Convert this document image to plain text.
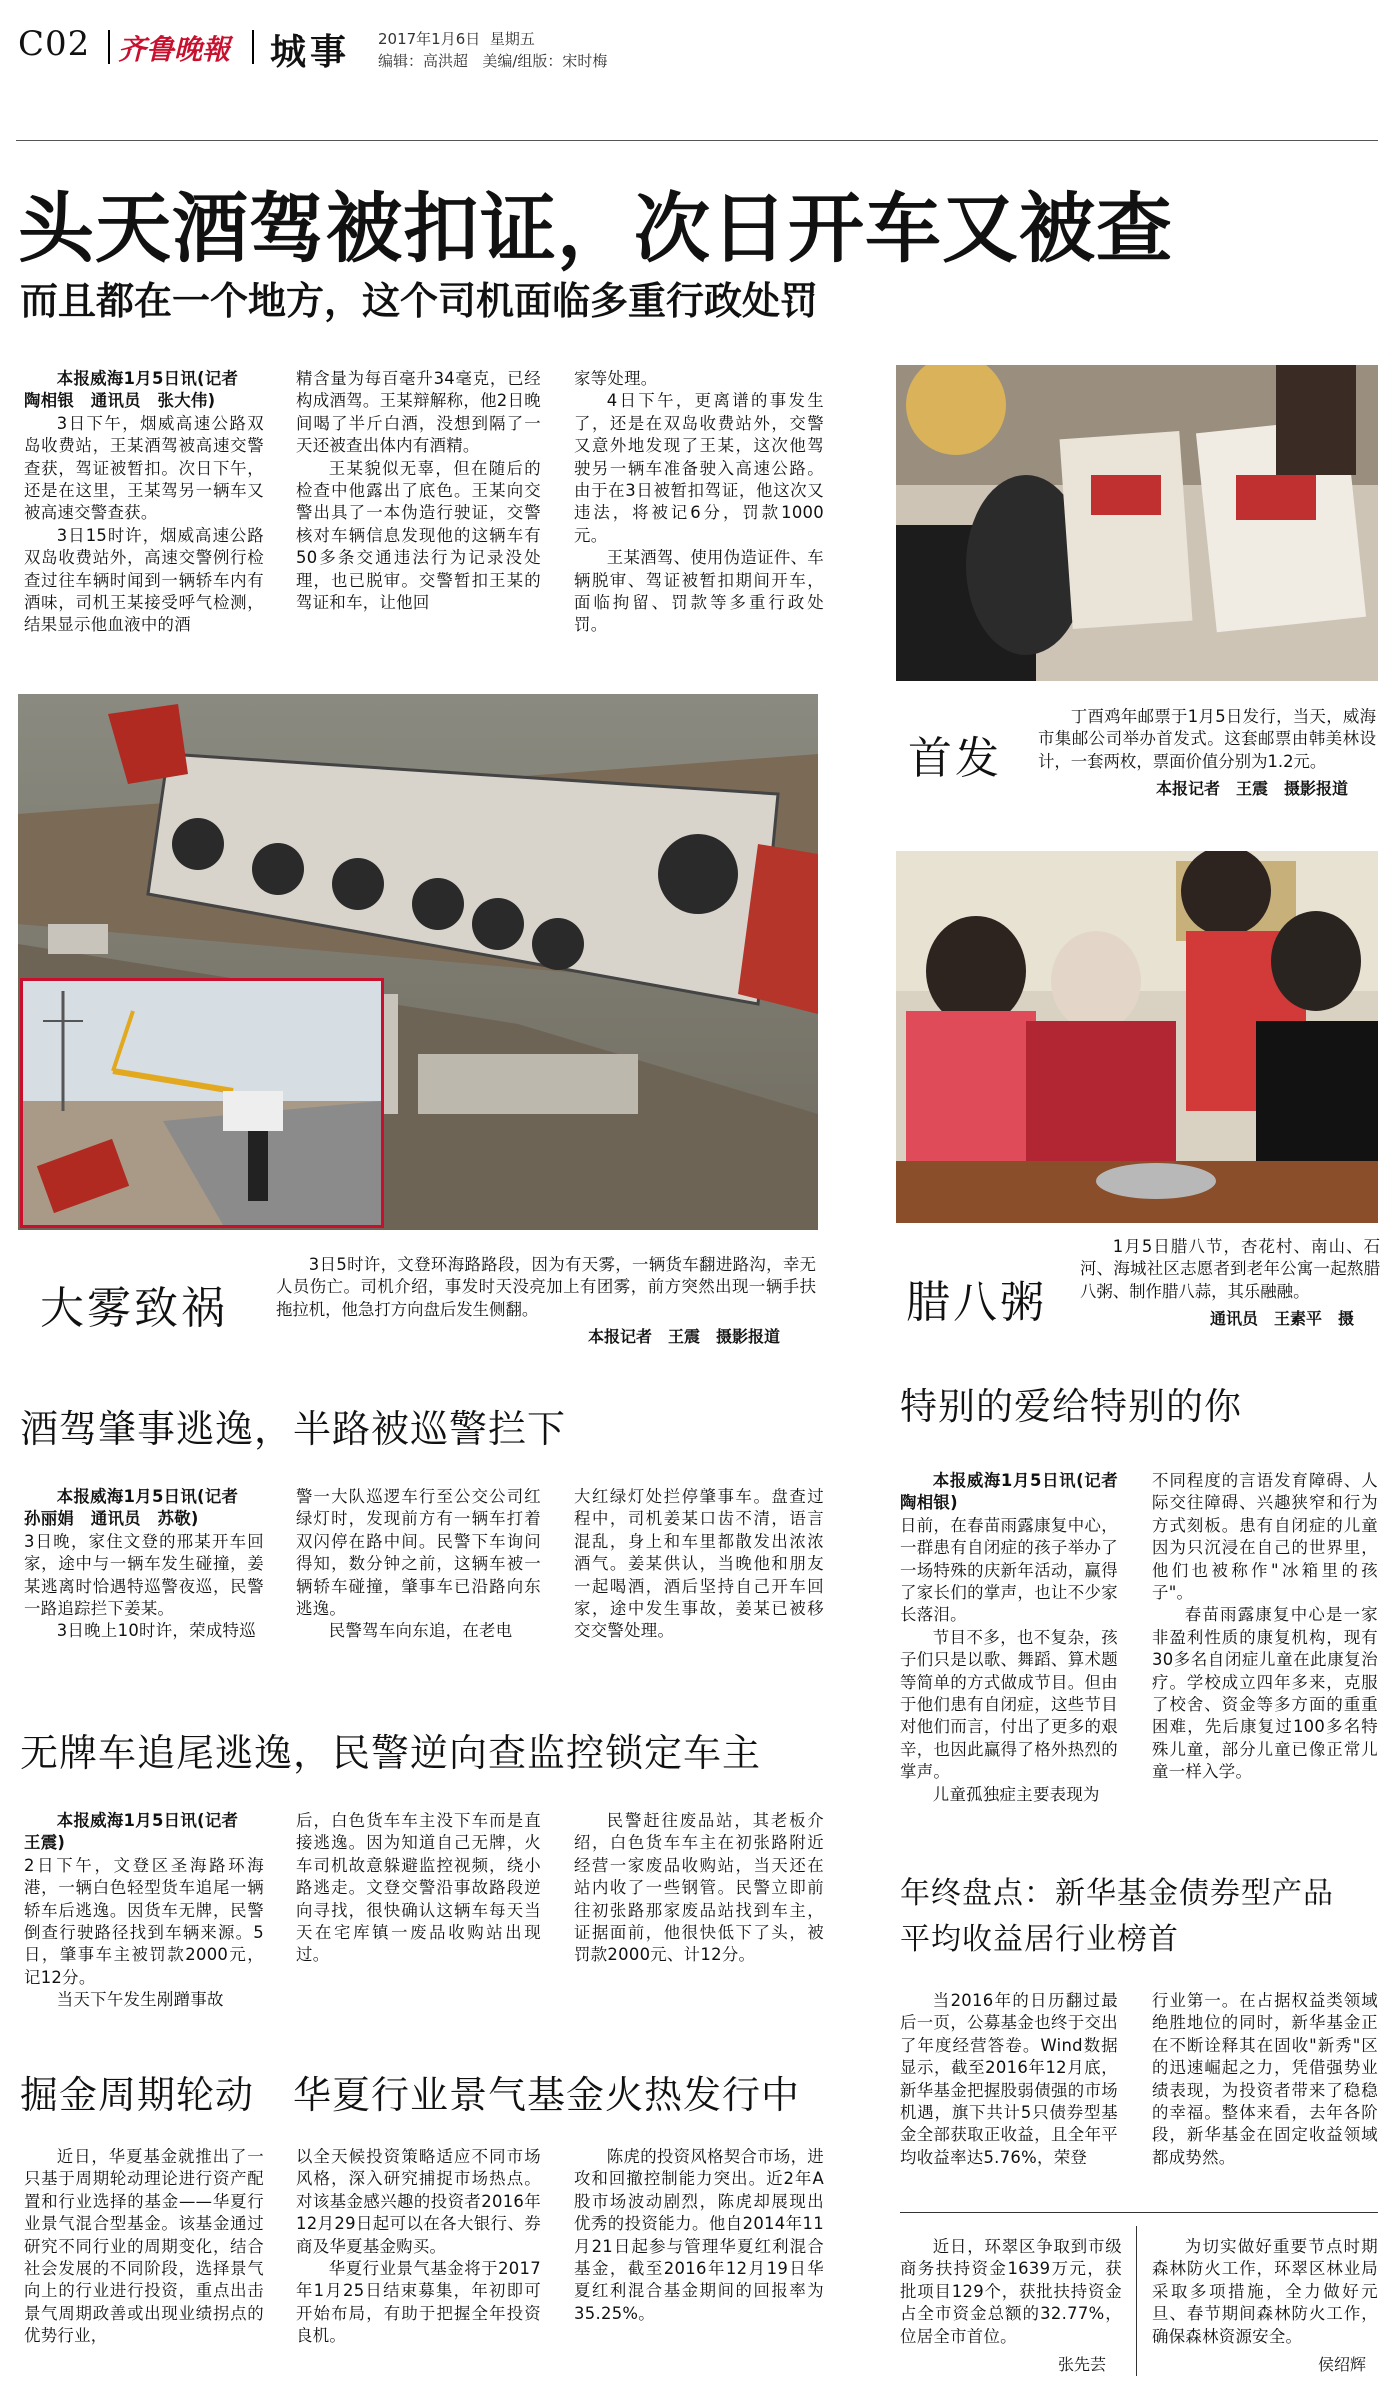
C02 齐鲁晚報 城事 2017年1月6日 星期五
编辑：高洪超 美编/组版：宋时梅
头天酒驾被扣证，次日开车又被查
而且都在一个地方，这个司机面临多重行政处罚

本报威海1月5日讯(记者

陶相银　通讯员　张大伟)

3日下午，烟威高速公路双岛收费站，王某酒驾被高速交警查获，驾证被暂扣。次日下午，还是在这里，王某驾另一辆车又被高速交警查获。

3日15时许，烟威高速公路双岛收费站外，高速交警例行检查过往车辆时闻到一辆轿车内有酒味，司机王某接受呼气检测，结果显示他血液中的酒

精含量为每百毫升34毫克，已经构成酒驾。王某辩解称，他2日晚间喝了半斤白酒，没想到隔了一天还被查出体内有酒精。

王某貌似无辜，但在随后的检查中他露出了底色。王某向交警出具了一本伪造行驶证，交警核对车辆信息发现他的这辆车有50多条交通违法行为记录没处理，也已脱审。交警暂扣王某的驾证和车，让他回

家等处理。

4日下午，更离谱的事发生了，还是在双岛收费站外，交警又意外地发现了王某，这次他驾驶另一辆车准备驶入高速公路。由于在3日被暂扣驾证，他这次又违法，将被记6分，罚款1000元。

王某酒驾、使用伪造证件、车辆脱审、驾证被暂扣期间开车，面临拘留、罚款等多重行政处罚。

大雾致祸
3日5时许，文登环海路路段，因为有天雾，一辆货车翻进路沟，幸无人员伤亡。司机介绍，事发时天没亮加上有团雾，前方突然出现一辆手扶拖拉机，他急打方向盘后发生侧翻。
本报记者　王震　摄影报道
首发
丁酉鸡年邮票于1月5日发行，当天，威海市集邮公司举办首发式。这套邮票由韩美林设计，一套两枚，票面价值分别为1.2元。
本报记者　王震　摄影报道
腊八粥
1月5日腊八节，杏花村、南山、石河、海城社区志愿者到老年公寓一起熬腊八粥、制作腊八蒜，其乐融融。
通讯员　王素平　摄
酒驾肇事逃逸，半路被巡警拦下

本报威海1月5日讯(记者

孙丽娟　通讯员　苏敬)

3日晚，家住文登的邢某开车回家，途中与一辆车发生碰撞，姜某逃离时恰遇特巡警夜巡，民警一路追踪拦下姜某。

3日晚上10时许，荣成特巡

警一大队巡逻车行至公交公司红绿灯时，发现前方有一辆车打着双闪停在路中间。民警下车询问得知，数分钟之前，这辆车被一辆轿车碰撞，肇事车已沿路向东逃逸。

民警驾车向东追，在老电

大红绿灯处拦停肇事车。盘查过程中，司机姜某口齿不清，语言混乱，身上和车里都散发出浓浓酒气。姜某供认，当晚他和朋友一起喝酒，酒后坚持自己开车回家，途中发生事故，姜某已被移交交警处理。

无牌车追尾逃逸，民警逆向查监控锁定车主

本报威海1月5日讯(记者

王震)

2日下午，文登区圣海路环海港，一辆白色轻型货车追尾一辆轿车后逃逸。因货车无牌，民警倒查行驶路径找到车辆来源。5日，肇事车主被罚款2000元，记12分。

当天下午发生剐蹭事故

后，白色货车车主没下车而是直接逃逸。因为知道自己无牌，火车司机故意躲避监控视频，绕小路逃走。文登交警沿事故路段逆向寻找，很快确认这辆车每天当天在宅库镇一废品收购站出现过。

民警赶往废品站，其老板介绍，白色货车车主在初张路附近经营一家废品收购站，当天还在站内收了一些钢管。民警立即前往初张路那家废品站找到车主，证据面前，他很快低下了头，被罚款2000元、计12分。

掘金周期轮动　华夏行业景气基金火热发行中

近日，华夏基金就推出了一只基于周期轮动理论进行资产配置和行业选择的基金——华夏行业景气混合型基金。该基金通过研究不同行业的周期变化，结合社会发展的不同阶段，选择景气向上的行业进行投资，重点出击景气周期政善或出现业绩拐点的优势行业，

以全天候投资策略适应不同市场风格，深入研究捕捉市场热点。对该基金感兴趣的投资者2016年12月29日起可以在各大银行、券商及华夏基金购买。

华夏行业景气基金将于2017年1月25日结束募集，年初即可开始布局，有助于把握全年投资良机。

陈虎的投资风格契合市场，进攻和回撤控制能力突出。近2年A股市场波动剧烈，陈虎却展现出优秀的投资能力。他自2014年11月21日起参与管理华夏红利混合基金，截至2016年12月19日华夏红利混合基金期间的回报率为35.25%。

特别的爱给特别的你

本报威海1月5日讯(记者　陶相银)

日前，在春苗雨露康复中心，一群患有自闭症的孩子举办了一场特殊的庆新年活动，赢得了家长们的掌声，也让不少家长落泪。

节目不多，也不复杂，孩子们只是以歌、舞蹈、算术题等简单的方式做成节目。但由于他们患有自闭症，这些节目对他们而言，付出了更多的艰辛，也因此赢得了格外热烈的掌声。

儿童孤独症主要表现为

不同程度的言语发育障碍、人际交往障碍、兴趣狭窄和行为方式刻板。患有自闭症的儿童因为只沉浸在自己的世界里，他们也被称作"冰箱里的孩子"。

春苗雨露康复中心是一家非盈利性质的康复机构，现有30多名自闭症儿童在此康复治疗。学校成立四年多来，克服了校舍、资金等多方面的重重困难，先后康复过100多名特殊儿童，部分儿童已像正常儿童一样入学。

年终盘点：新华基金债券型产品
平均收益居行业榜首

当2016年的日历翻过最后一页，公募基金也终于交出了年度经营答卷。Wind数据显示，截至2016年12月底，新华基金把握股弱债强的市场机遇，旗下共计5只债券型基金全部获取正收益，且全年平均收益率达5.76%，荣登

行业第一。在占据权益类领域绝胜地位的同时，新华基金正在不断诠释其在固收"新秀"区的迅速崛起之力，凭借强势业绩表现，为投资者带来了稳稳的幸福。整体来看，去年各阶段，新华基金在固定收益领域都成势然。

近日，环翠区争取到市级商务扶持资金1639万元，获批项目129个，获批扶持资金占全市资金总额的32.77%，位居全市首位。

张先芸

为切实做好重要节点时期森林防火工作，环翠区林业局采取多项措施，全力做好元旦、春节期间森林防火工作，确保森林资源安全。

侯绍辉
